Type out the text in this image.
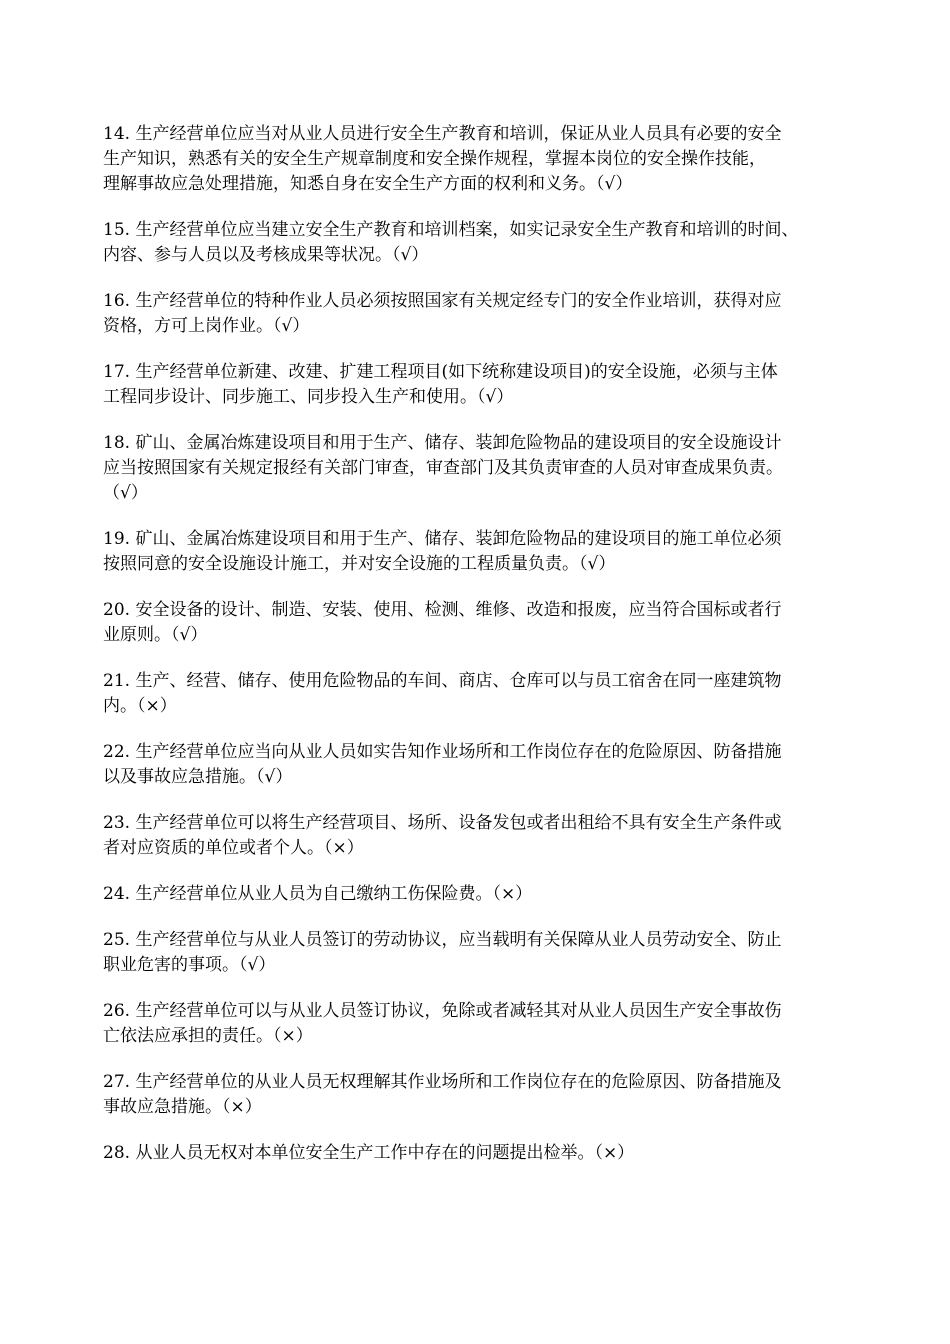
14. 生产经营单位应当对从业人员进行安全生产教育和培训，保证从业人员具有必要的安全
生产知识，熟悉有关的安全生产规章制度和安全操作规程，掌握本岗位的安全操作技能，
理解事故应急处理措施，知悉自身在安全生产方面的权利和义务。（√）
15. 生产经营单位应当建立安全生产教育和培训档案，如实记录安全生产教育和培训的时间、
内容、参与人员以及考核成果等状况。（√）
16. 生产经营单位的特种作业人员必须按照国家有关规定经专门的安全作业培训，获得对应
资格，方可上岗作业。（√）
17. 生产经营单位新建、改建、扩建工程项目(如下统称建设项目)的安全设施，必须与主体
工程同步设计、同步施工、同步投入生产和使用。（√）
18. 矿山、金属冶炼建设项目和用于生产、储存、装卸危险物品的建设项目的安全设施设计
应当按照国家有关规定报经有关部门审查，审查部门及其负责审查的人员对审查成果负责。
（√）
19. 矿山、金属冶炼建设项目和用于生产、储存、装卸危险物品的建设项目的施工单位必须
按照同意的安全设施设计施工，并对安全设施的工程质量负责。（√）
20. 安全设备的设计、制造、安装、使用、检测、维修、改造和报废，应当符合国标或者行
业原则。（√）
21. 生产、经营、储存、使用危险物品的车间、商店、仓库可以与员工宿舍在同一座建筑物
内。（×）
22. 生产经营单位应当向从业人员如实告知作业场所和工作岗位存在的危险原因、防备措施
以及事故应急措施。（√）
23. 生产经营单位可以将生产经营项目、场所、设备发包或者出租给不具有安全生产条件或
者对应资质的单位或者个人。（×）
24. 生产经营单位从业人员为自己缴纳工伤保险费。（×）
25. 生产经营单位与从业人员签订的劳动协议，应当载明有关保障从业人员劳动安全、防止
职业危害的事项。（√）
26. 生产经营单位可以与从业人员签订协议，免除或者减轻其对从业人员因生产安全事故伤
亡依法应承担的责任。（×）
27. 生产经营单位的从业人员无权理解其作业场所和工作岗位存在的危险原因、防备措施及
事故应急措施。（×）
28. 从业人员无权对本单位安全生产工作中存在的问题提出检举。（×）
